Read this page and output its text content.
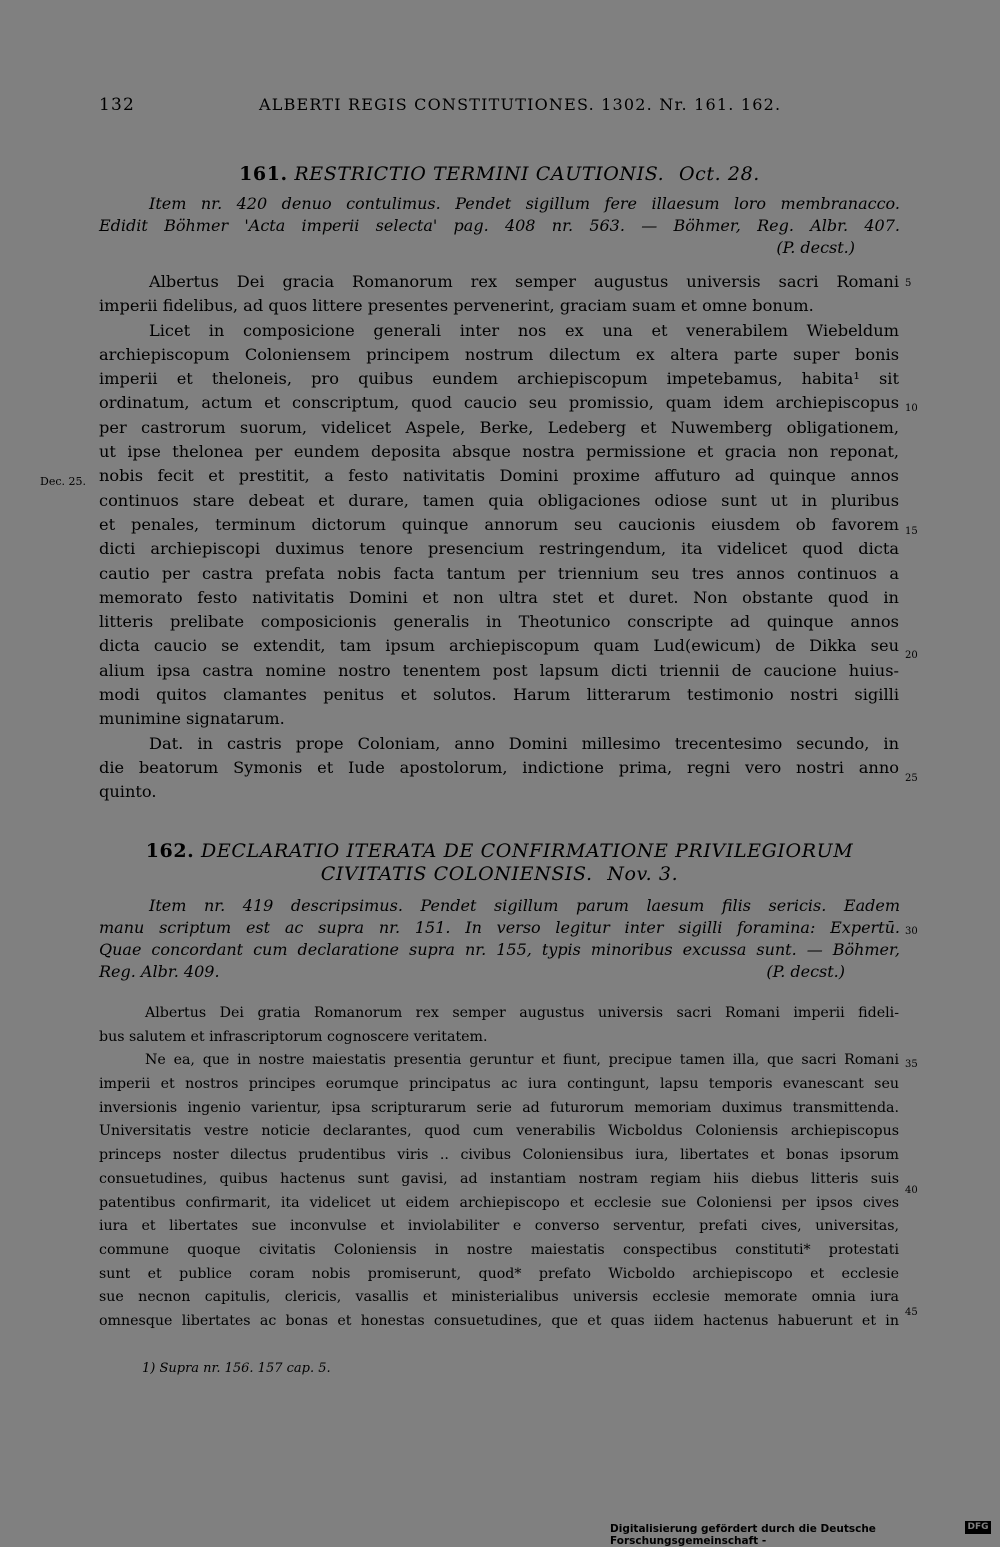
132	ALBERTI REGIS CONSTITUTIONES. 1302. Nr. 161. 162.
161. RESTRICTIO TERMINI CAUTIONIS. Oct. 28.
Item nr. 420 denuo contulimus. Pendet sigillum fere illaesum loro membranacco.
Edidit Böhmer 'Acta imperii selecta' pag. 408 nr. 563. — Böhmer, Reg. Albr. 407.
(P. decst.)
Albertus Dei gracia Romanorum rex semper augustus universis sacri Romani
imperii fidelibus, ad quos littere presentes pervenerint, graciam suam et omne bonum.
Licet in composicione generali inter nos ex una et venerabilem Wiebeldum
archiepiscopum Coloniensem principem nostrum dilectum ex altera parte super bonis
imperii et theloneis, pro quibus eundem archiepiscopum impetebamus, habita¹ sit
ordinatum, actum et conscriptum, quod caucio seu promissio, quam idem archiepiscopus
per castrorum suorum, videlicet Aspele, Berke, Ledeberg et Nuwemberg obligationem,
ut ipse thelonea per eundem deposita absque nostra permissione et gracia non reponat,
nobis fecit et prestitit, a festo nativitatis Domini proxime affuturo ad quinque annos
continuos stare debeat et durare, tamen quia obligaciones odiose sunt ut in pluribus
et penales, terminum dictorum quinque annorum seu caucionis eiusdem ob favorem
dicti archiepiscopi duximus tenore presencium restringendum, ita videlicet quod dicta
cautio per castra prefata nobis facta tantum per triennium seu tres annos continuos a
memorato festo nativitatis Domini et non ultra stet et duret. Non obstante quod in
litteris prelibate composicionis generalis in Theotunico conscripte ad quinque annos
dicta caucio se extendit, tam ipsum archiepiscopum quam Lud(ewicum) de Dikka seu
alium ipsa castra nomine nostro tenentem post lapsum dicti triennii de caucione huius-
modi quitos clamantes penitus et solutos. Harum litterarum testimonio nostri sigilli
munimine signatarum.
Dat. in castris prope Coloniam, anno Domini millesimo trecentesimo secundo, in
die beatorum Symonis et Iude apostolorum, indictione prima, regni vero nostri anno
quinto.
Dec. 25.
162. DECLARATIO ITERATA DE CONFIRMATIONE PRIVILEGIORUM
CIVITATIS COLONIENSIS. Nov. 3.
Item nr. 419 descripsimus. Pendet sigillum parum laesum filis sericis. Eadem
manu scriptum est ac supra nr. 151. In verso legitur inter sigilli foramina: Expertū.
Quae concordant cum declaratione supra nr. 155, typis minoribus excussa sunt. — Böhmer,
Reg. Albr. 409.	(P. decst.)
Albertus Dei gratia Romanorum rex semper augustus universis sacri Romani imperii fideli-
bus salutem et infrascriptorum cognoscere veritatem.
Ne ea, que in nostre maiestatis presentia geruntur et fiunt, precipue tamen illa, que sacri Romani
imperii et nostros principes eorumque principatus ac iura contingunt, lapsu temporis evanescant seu
inversionis ingenio varientur, ipsa scripturarum serie ad futurorum memoriam duximus transmittenda.
Universitatis vestre noticie declarantes, quod cum venerabilis Wicboldus Coloniensis archiepiscopus
princeps noster dilectus prudentibus viris .. civibus Coloniensibus iura, libertates et bonas ipsorum
consuetudines, quibus hactenus sunt gavisi, ad instantiam nostram regiam hiis diebus litteris suis
patentibus confirmarit, ita videlicet ut eidem archiepiscopo et ecclesie sue Coloniensi per ipsos cives
iura et libertates sue inconvulse et inviolabiliter e converso serventur, prefati cives, universitas,
commune quoque civitatis Coloniensis in nostre maiestatis conspectibus constituti* protestati
sunt et publice coram nobis promiserunt, quod* prefato Wicboldo archiepiscopo et ecclesie
sue necnon capitulis, clericis, vasallis et ministerialibus universis ecclesie memorate omnia iura
omnesque libertates ac bonas et honestas consuetudines, que et quas iidem hactenus habuerunt et in
5
10
15
20
25
30
35
40
45
1) Supra nr. 156. 157 cap. 5.
Digitalisierung gefördert durch die Deutsche Forschungsgemeinschaft -
DFG
